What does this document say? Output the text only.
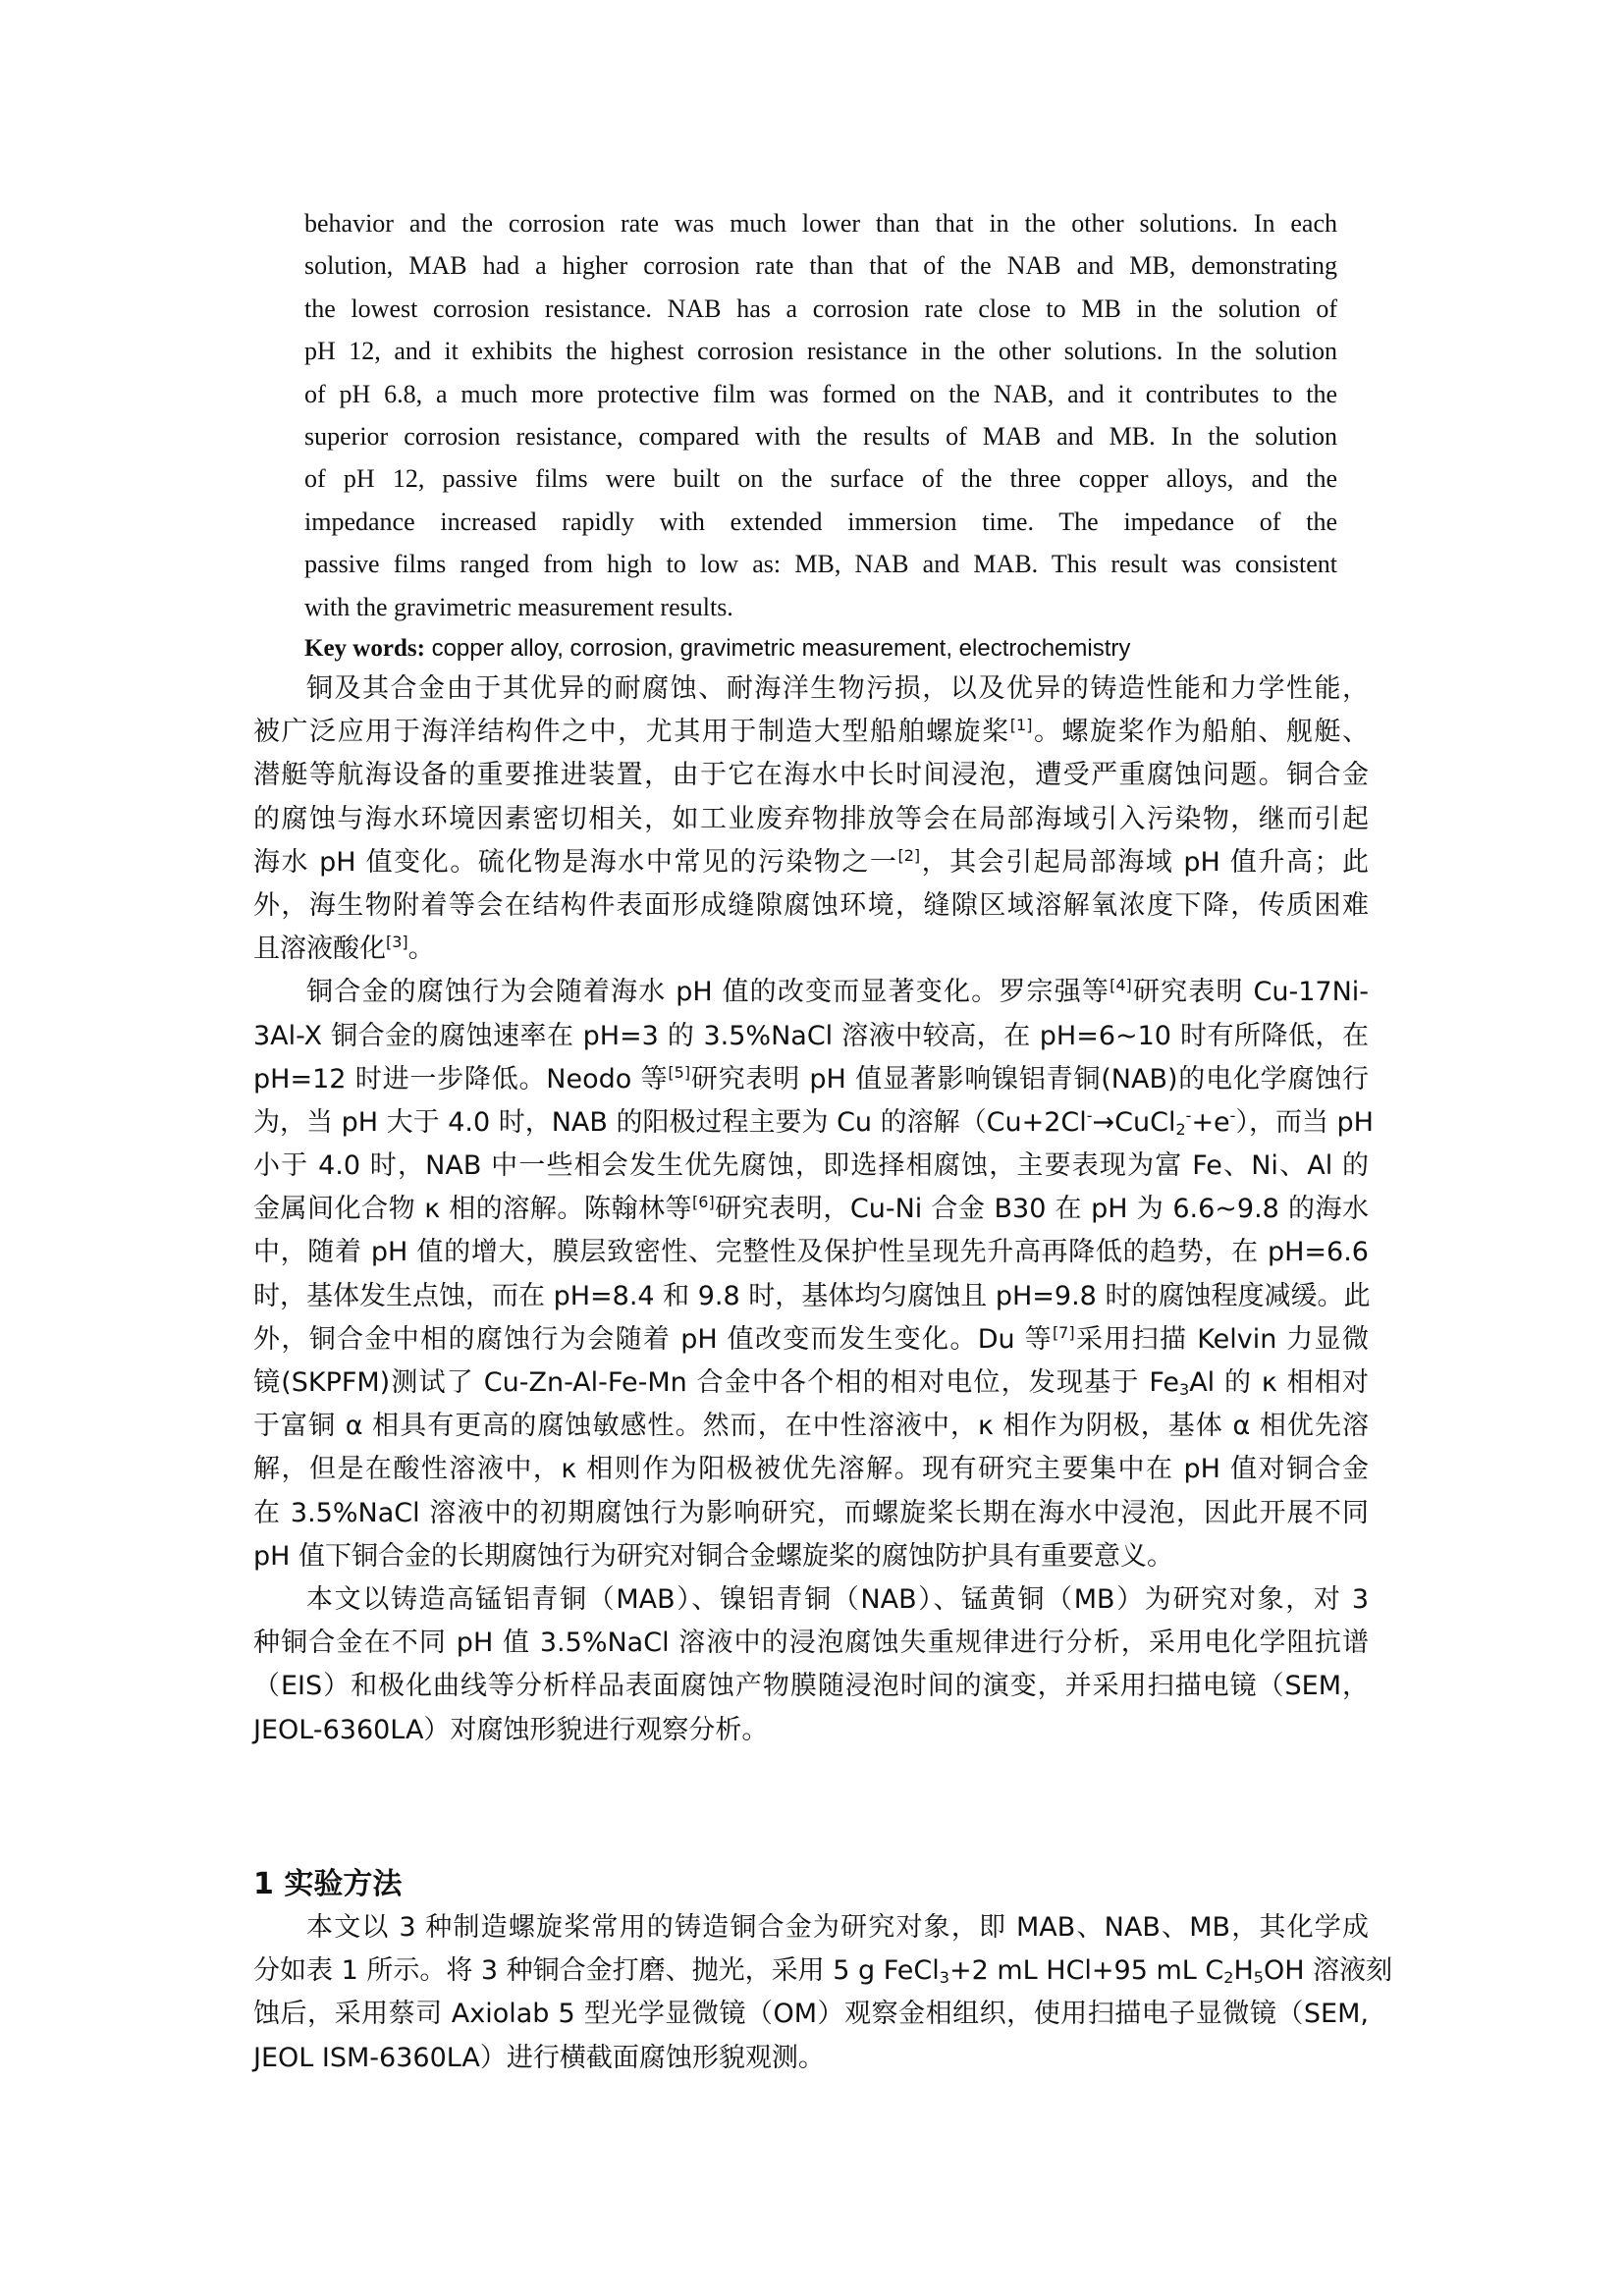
behavior and the corrosion rate was much lower than that in the other solutions. In each
solution, MAB had a higher corrosion rate than that of the NAB and MB, demonstrating
the lowest corrosion resistance. NAB has a corrosion rate close to MB in the solution of
pH 12, and it exhibits the highest corrosion resistance in the other solutions. In the solution
of pH 6.8, a much more protective film was formed on the NAB, and it contributes to the
superior corrosion resistance, compared with the results of MAB and MB. In the solution
of pH 12, passive films were built on the surface of the three copper alloys, and the
impedance increased rapidly with extended immersion time. The impedance of the
passive films ranged from high to low as: MB, NAB and MAB. This result was consistent
with the gravimetric measurement results.
Key words: copper alloy, corrosion, gravimetric measurement, electrochemistry
铜及其合金由于其优异的耐腐蚀、耐海洋生物污损，以及优异的铸造性能和力学性能，
被广泛应用于海洋结构件之中，尤其用于制造大型船舶螺旋桨[1]。螺旋桨作为船舶、舰艇、
潜艇等航海设备的重要推进装置，由于它在海水中长时间浸泡，遭受严重腐蚀问题。铜合金
的腐蚀与海水环境因素密切相关，如工业废弃物排放等会在局部海域引入污染物，继而引起
海水 pH 值变化。硫化物是海水中常见的污染物之一[2]，其会引起局部海域 pH 值升高；此
外，海生物附着等会在结构件表面形成缝隙腐蚀环境，缝隙区域溶解氧浓度下降，传质困难
且溶液酸化[3]。
铜合金的腐蚀行为会随着海水 pH 值的改变而显著变化。罗宗强等[4]研究表明 Cu-17Ni-
3Al-X 铜合金的腐蚀速率在 pH=3 的 3.5%NaCl 溶液中较高，在 pH=6~10 时有所降低，在
pH=12 时进一步降低。Neodo 等[5]研究表明 pH 值显著影响镍铝青铜(NAB)的电化学腐蚀行
为，当 pH 大于 4.0 时，NAB 的阳极过程主要为 Cu 的溶解（Cu+2Cl-→CuCl$_2$-+e-），而当 pH
小于 4.0 时，NAB 中一些相会发生优先腐蚀，即选择相腐蚀，主要表现为富 Fe、Ni、Al 的
金属间化合物 κ 相的溶解。陈翰林等[6]研究表明，Cu-Ni 合金 B30 在 pH 为 6.6~9.8 的海水
中，随着 pH 值的增大，膜层致密性、完整性及保护性呈现先升高再降低的趋势，在 pH=6.6
时，基体发生点蚀，而在 pH=8.4 和 9.8 时，基体均匀腐蚀且 pH=9.8 时的腐蚀程度减缓。此
外，铜合金中相的腐蚀行为会随着 pH 值改变而发生变化。Du 等[7]采用扫描 Kelvin 力显微
镜(SKPFM)测试了 Cu-Zn-Al-Fe-Mn 合金中各个相的相对电位，发现基于 $Fe_3Al$ 的 κ 相相对
于富铜 α 相具有更高的腐蚀敏感性。然而，在中性溶液中，κ 相作为阴极，基体 α 相优先溶
解，但是在酸性溶液中，κ 相则作为阳极被优先溶解。现有研究主要集中在 pH 值对铜合金
在 3.5%NaCl 溶液中的初期腐蚀行为影响研究，而螺旋桨长期在海水中浸泡，因此开展不同
pH 值下铜合金的长期腐蚀行为研究对铜合金螺旋桨的腐蚀防护具有重要意义。
本文以铸造高锰铝青铜（MAB）、镍铝青铜（NAB）、锰黄铜（MB）为研究对象，对 3
种铜合金在不同 pH 值 3.5%NaCl 溶液中的浸泡腐蚀失重规律进行分析，采用电化学阻抗谱
（EIS）和极化曲线等分析样品表面腐蚀产物膜随浸泡时间的演变，并采用扫描电镜（SEM，
JEOL-6360LA）对腐蚀形貌进行观察分析。
1 实验方法
本文以 3 种制造螺旋桨常用的铸造铜合金为研究对象，即 MAB、NAB、MB，其化学成
分如表 1 所示。将 3 种铜合金打磨、抛光，采用 5 g FeCl$_3$+2 mL HCl+95 mL $C_2H_5OH$ 溶液刻
蚀后，采用蔡司 Axiolab 5 型光学显微镜（OM）观察金相组织，使用扫描电子显微镜（SEM,
JEOL ISM-6360LA）进行横截面腐蚀形貌观测。
